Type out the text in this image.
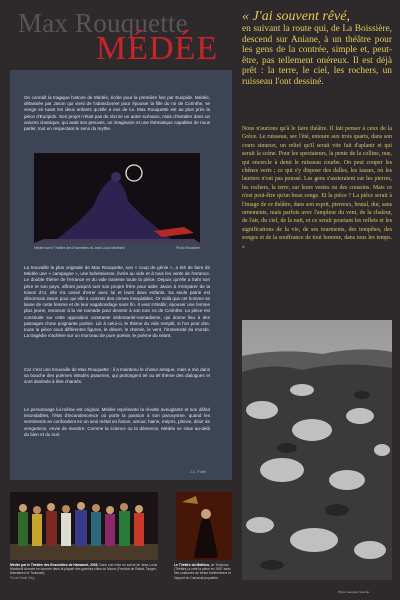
Max Rouquette
MÉDÉE

On connaît la tragique histoire de Médée, écrite pour la première fois par Euripide. Médée, délaissée par Jason qui vient de l'abandonner pour épouser la fille du roi de Corinthe, se venge en tuant les deux enfants qu'elle a eus de lui. Max Rouquette est au plus près la pièce d'Euripide. Son projet n'était pas de récrire un autre scénario, mais d'installer dans un univers classique, qui avait ses preuves, un imaginaire et une thématique capables de nous parler, tout en respectant le sens du mythe.

Médée sur le Théâtre des Ensembles du Jean-Louis Martinelli	Photo Rouchère

La trouvaille la plus originale de Max Rouquette, son « coup de génie », a été de faire de Médée une « campagne », une bohémienne, livrée au vide et à tous les vents de l'errance. Le double thème de l'errance et du vide traverse toute la pièce. Depuis qu'elle a trahi son père et son pays, affront jusqu'à tuer son propre frère pour aider Jason à s'emparer de la toison d'or, elle n'a cessé d'errer avec lui et leurs deux enfants. Sa seule patrie est désormais Jason pour qui elle a commis des crimes inexpiables. Or voilà que cet homme se lasse de cette femme et de leur vagabondage sans fin. Il veut s'établir, épouser une femme plus jeune, renoncer à la vie nomade pour devenir à son tour roi de Corinthe. La pièce est construite sur cette opposition constante sédentarité-nomadisme, qui donne lieu à des passages d'une poignante poésie. Lié à celui-ci, le thème du vide remplit, si l'on peut dire, toute la pièce sous différentes figures, le désert, le chemin, le vent, l'immensité du monde. La tragédie s'achève sur un morceau de pure poésie, le poème du néant.

Car c'est une trouvaille de Max Rouquette : il a maintenu le chœur antique, mais a mis dans sa bouche des poèmes intitulés psaumes, qui prolongent tel ou tel thème des dialogues et sont destinés à être chantés.

Le personnage lui-même est original. Médée représente la révolte aveuglante et son défait insondables, l'état d'incandescence où porte la passion à son paroxysme, quand les sentiments se confondent en un seul métal en fusion, amour, haine, mépris, pitovie, désir de vengeance, envie de meurtre. Comme la science ou la démence, Médée se situe au-delà du bien et du mal.

J.C. Forêt
Médée par le Théâtre des Ensembles de Hamamet, 2003. Dans une mise en scène de Jean-Louis Martinelli donnée en tournée dans la plupart des grandes villes du Maroc (Festival de Rabat, Tanger, Marrakech et Toulouse).
Photo Nadir Nivy
Le Théâtre du Mathieu, de Toulouse (Théâtre) a créé la pièce en 1997 avec des costumes de tenue bohémienne et l'apport du Carnaval populaire.
« J'ai souvent rêvé,
en suivant la route qui, de La Boissière, descend sur Aniane, à un théâtre pour les gens de la contrée, simple et, peut-être, pas tellement onéreux. Il est déjà prêt : la terre, le ciel, les rochers, un ruisseau l'ont dessiné.

Nous n'aurions qu'à le faire théâtre. Il fait penser à ceux de la Grèce. Le ruisseau, sec l'été, entoure aux trois quarts, dans son cours sinueux, un relief qu'il serait vite fait d'aplanir et qui serait la scène. Pour les spectateurs, la pente de la colline, nue, qui encercle à demi le ruisseau courbe. On peut couper les chênes verts ; ce qui s'y dispose des dalles, les lauses, où les lauriers n'ont pas poussé. Les gens s'assieraient sur les pierres, les rochers, la terre, sur leurs vestes ou des coussins. Mais ce n'est peut-être qu'un beau songe. Et la pièce ? La pièce serait à l'image de ce théâtre, dans son esprit, pierreux, brutal, dur, sans ornements, mais parfois avec l'ampleur du vent, de la chaleur, de l'air, du ciel, de la nuit, et ce serait pourtant les reflets et les significations de la vie, de ses tourments, des tempêtes, des songes et de la souffrance de tout homme, dans tous les temps. »

Photo Georges Souche
